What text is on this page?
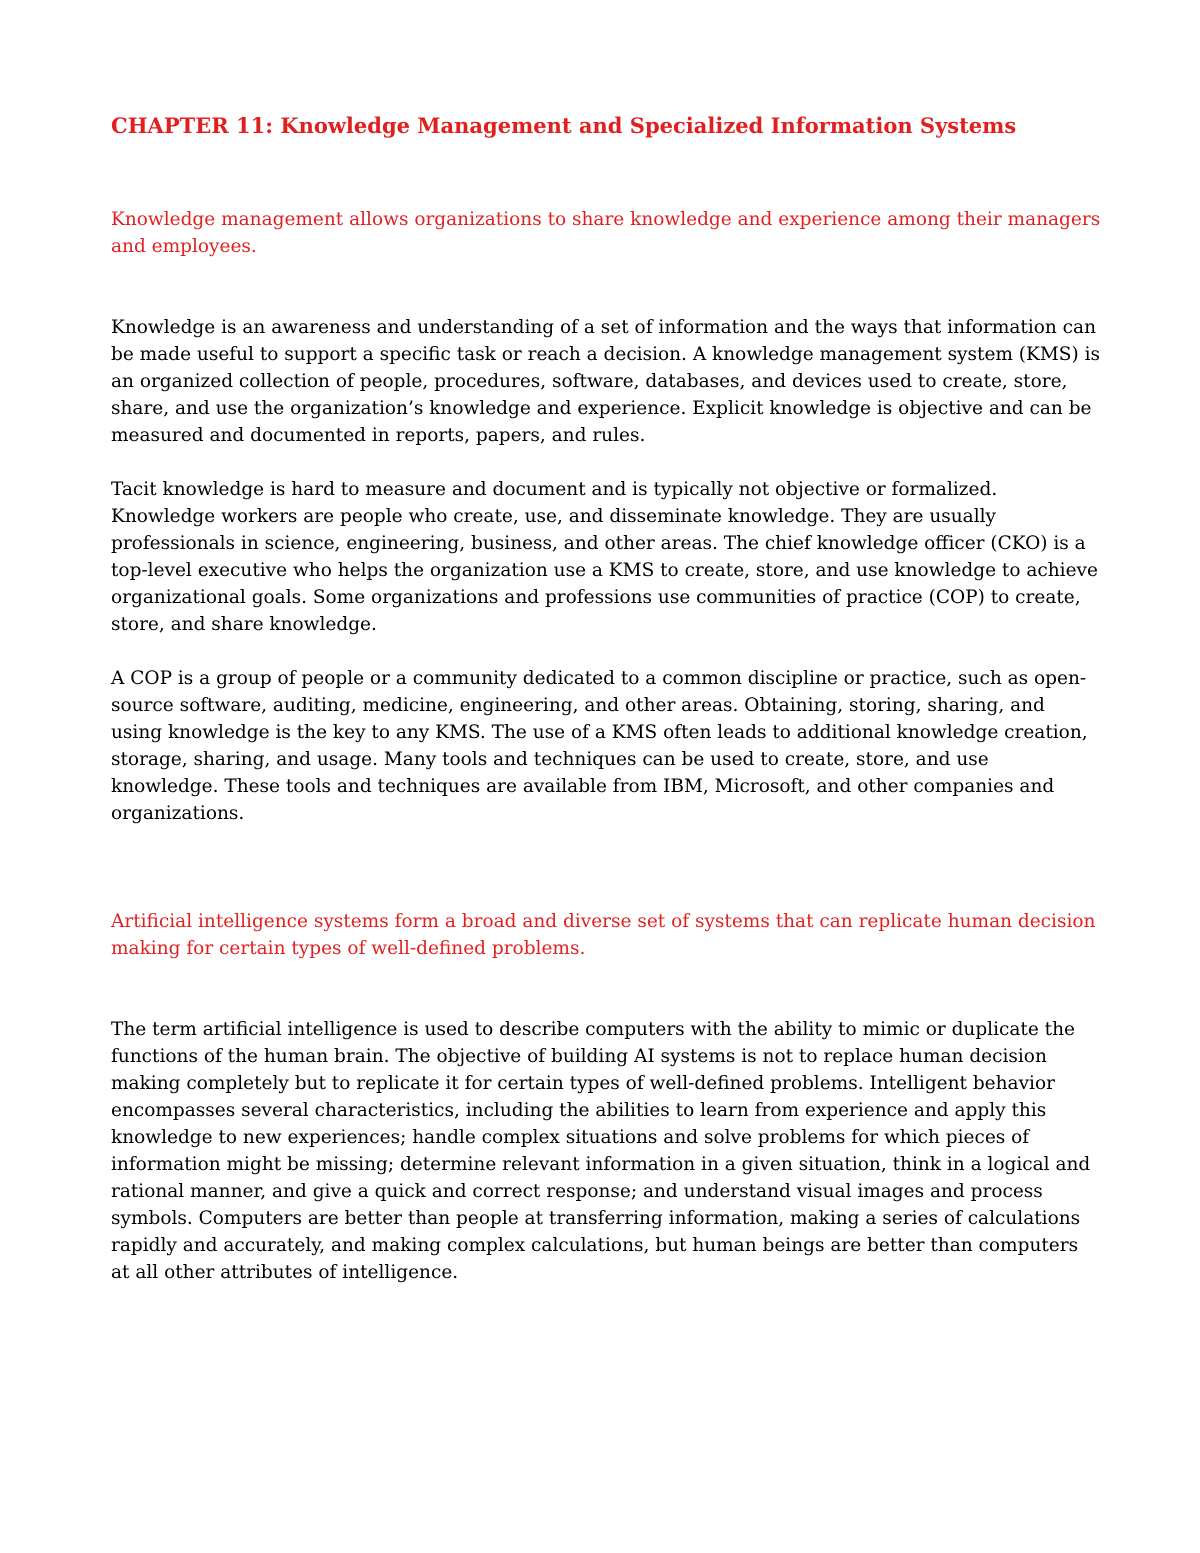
CHAPTER 11: Knowledge Management and Specialized Information Systems

Knowledge management allows organizations to share knowledge and experience among their managers and employees.

Knowledge is an awareness and understanding of a set of information and the ways that information can be made useful to support a specific task or reach a decision. A knowledge management system (KMS) is an organized collection of people, procedures, software, databases, and devices used to create, store, share, and use the organization’s knowledge and experience. Explicit knowledge is objective and can be measured and documented in reports, papers, and rules.

Tacit knowledge is hard to measure and document and is typically not objective or formalized. Knowledge workers are people who create, use, and disseminate knowledge. They are usually professionals in science, engineering, business, and other areas. The chief knowledge officer (CKO) is a top-level executive who helps the organization use a KMS to create, store, and use knowledge to achieve organizational goals. Some organizations and professions use communities of practice (COP) to create, store, and share knowledge.

A COP is a group of people or a community dedicated to a common discipline or practice, such as open-source software, auditing, medicine, engineering, and other areas. Obtaining, storing, sharing, and using knowledge is the key to any KMS. The use of a KMS often leads to additional knowledge creation, storage, sharing, and usage. Many tools and techniques can be used to create, store, and use knowledge. These tools and techniques are available from IBM, Microsoft, and other companies and organizations.

Artificial intelligence systems form a broad and diverse set of systems that can replicate human decision making for certain types of well-defined problems.

The term artificial intelligence is used to describe computers with the ability to mimic or duplicate the functions of the human brain. The objective of building AI systems is not to replace human decision making completely but to replicate it for certain types of well-defined problems. Intelligent behavior encompasses several characteristics, including the abilities to learn from experience and apply this knowledge to new experiences; handle complex situations and solve problems for which pieces of information might be missing; determine relevant information in a given situation, think in a logical and rational manner, and give a quick and correct response; and understand visual images and process symbols. Computers are better than people at transferring information, making a series of calculations rapidly and accurately, and making complex calculations, but human beings are better than computers at all other attributes of intelligence.
